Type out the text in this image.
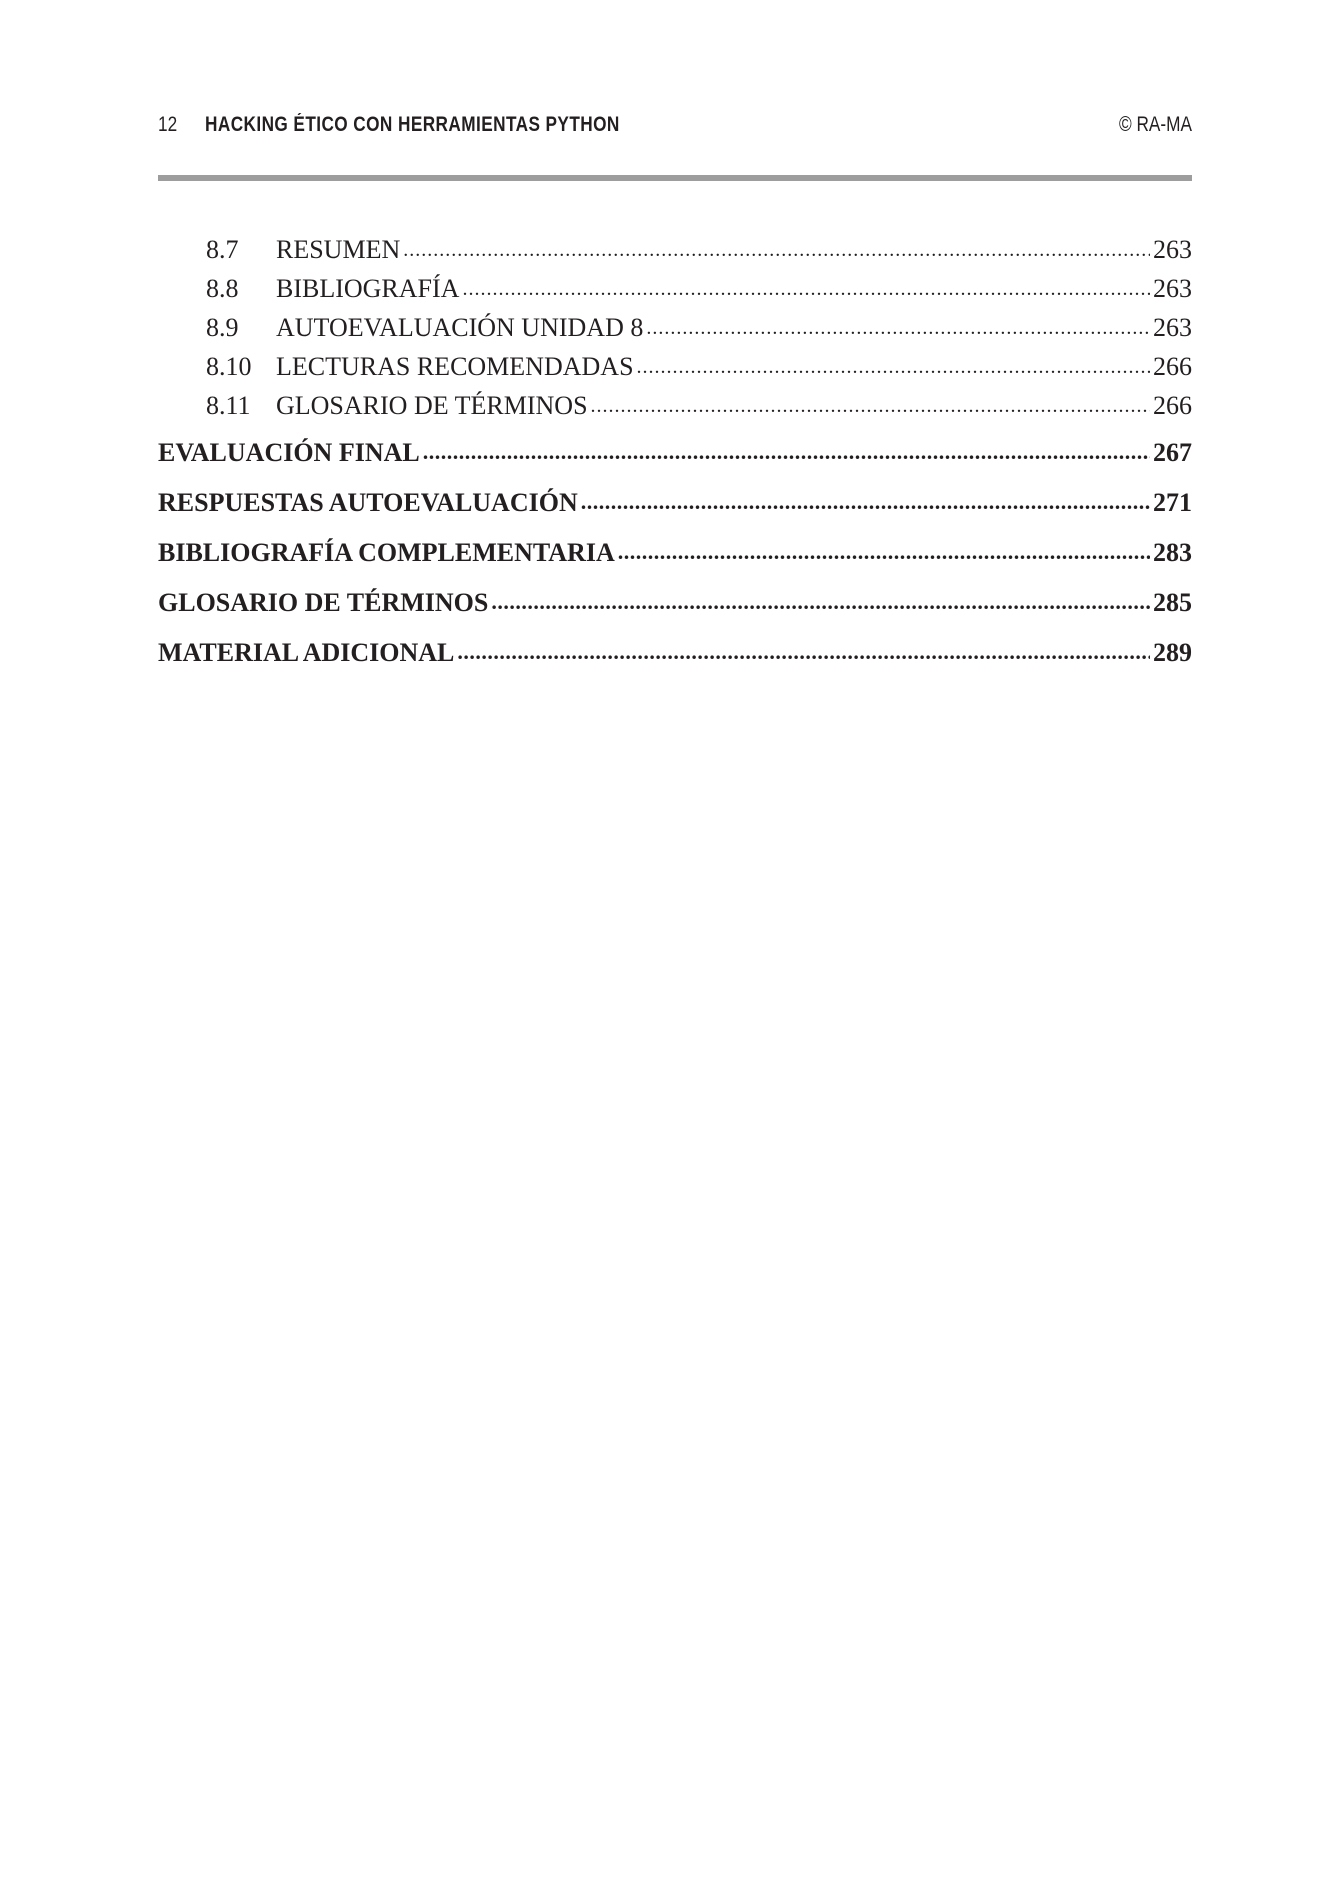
12 HACKING ÉTICO CON HERRAMIENTAS PYTHON	© RA-MA
8.7	RESUMEN .....	263
8.8	BIBLIOGRAFÍA .....	263
8.9	AUTOEVALUACIÓN UNIDAD 8 .....	263
8.10 LECTURAS RECOMENDADAS .....	266
8.11 GLOSARIO DE TÉRMINOS .....	266
EVALUACIÓN FINAL .....	267
RESPUESTAS AUTOEVALUACIÓN .....	271
BIBLIOGRAFÍA COMPLEMENTARIA .....	283
GLOSARIO DE TÉRMINOS .....	285
MATERIAL ADICIONAL .....	289
